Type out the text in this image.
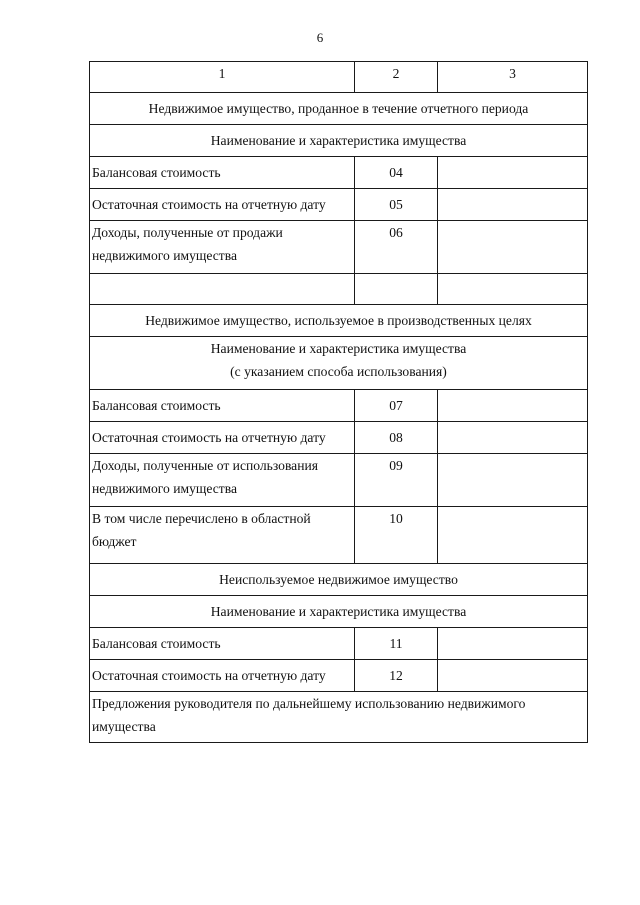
6
1	2	3
Недвижимое имущество, проданное в течение отчетного периода		
Наименование и характеристика имущества		
Балансовая стоимость	04	
Остаточная стоимость на отчетную дату	05	
Доходы, полученные от продажи недвижимого имущества	06	

Недвижимое имущество, используемое в производственных целях		

Наименование и характеристика имущества
(с указанием способа использования)		

Балансовая стоимость	07	
Остаточная стоимость на отчетную дату	08	
Доходы, полученные от использования недвижимого имущества	09	
В том числе перечислено в областной бюджет	10	
Неиспользуемое недвижимое имущество		
Наименование и характеристика имущества		
Балансовая стоимость	11	
Остаточная стоимость на отчетную дату	12	
Предложения руководителя по дальнейшему использованию недвижимого имущества		
